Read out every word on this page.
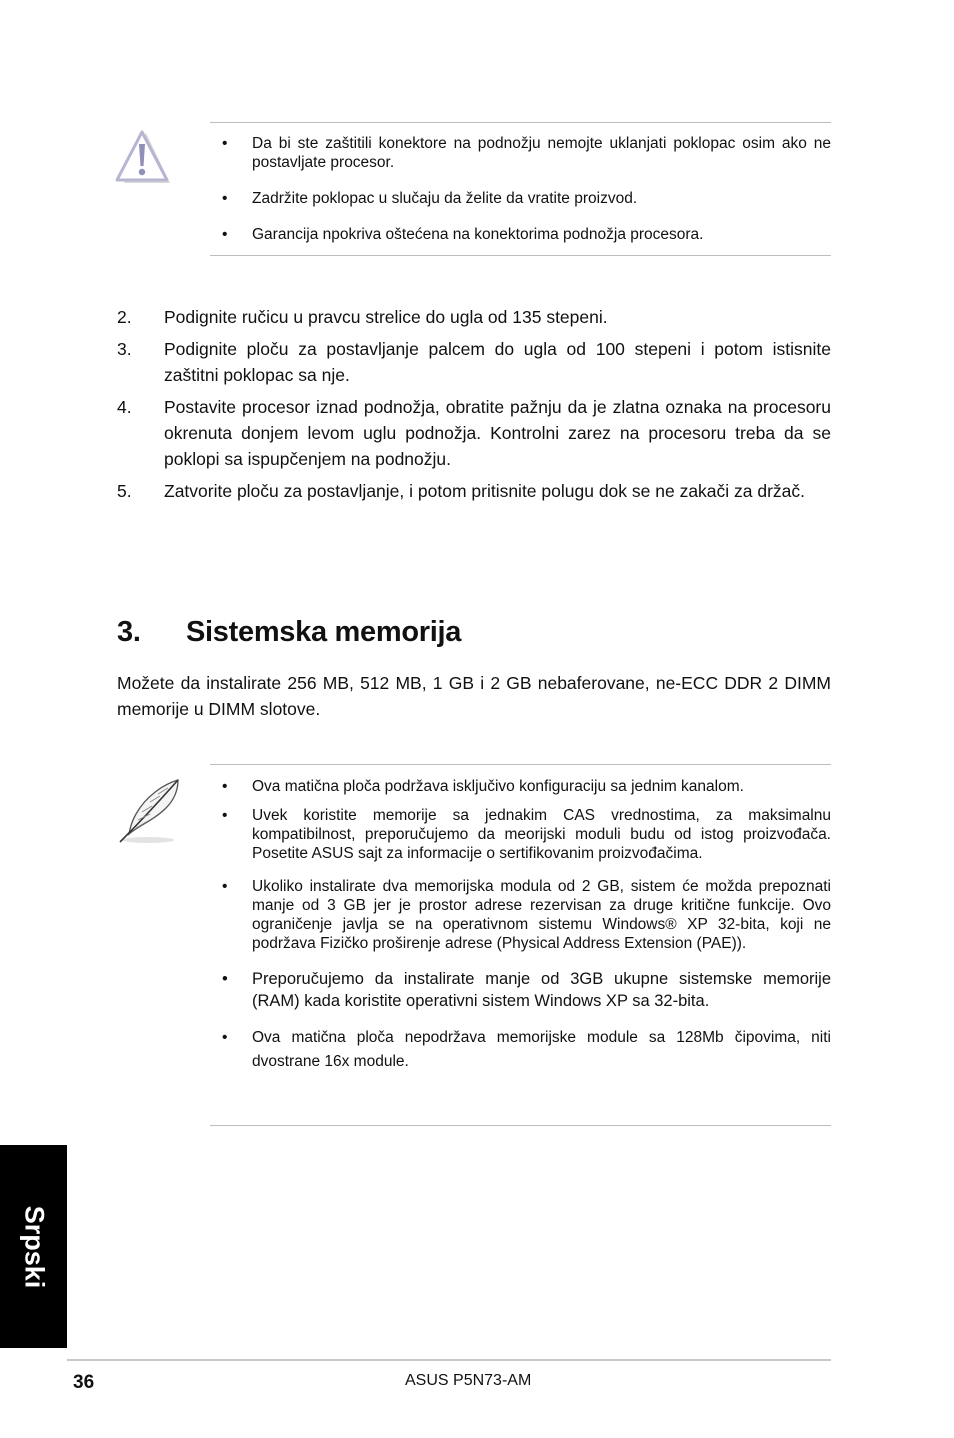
• Da bi ste zaštitili konektore na podnožju nemojte uklanjati poklopac osim ako ne postavljate procesor.
• Zadržite poklopac u slučaju da želite da vratite proizvod.
• Garancija npokriva oštećena na konektorima podnožja procesora.
2. Podignite ručicu u pravcu strelice do ugla od 135 stepeni.
3. Podignite ploču za postavljanje palcem do ugla od 100 stepeni i potom istisnite zaštitni poklopac sa nje.
4. Postavite procesor iznad podnožja, obratite pažnju da je zlatna oznaka na procesoru okrenuta donjem levom uglu podnožja. Kontrolni zarez na procesoru treba da se poklopi sa ispupčenjem na podnožju.
5. Zatvorite ploču za postavljanje, i potom pritisnite polugu dok se ne zakači za držač.
3. Sistemska memorija

Možete da instalirate 256 MB, 512 MB, 1 GB i 2 GB nebaferovane, ne-ECC DDR 2 DIMM memorije u DIMM slotove.

• Ova matična ploča podržava isključivo konfiguraciju sa jednim kanalom.
• Uvek koristite memorije sa jednakim CAS vrednostima, za maksimalnu kompatibilnost, preporučujemo da meorijski moduli budu od istog proizvođača. Posetite ASUS sajt za informacije o sertifikovanim proizvođačima.
• Ukoliko instalirate dva memorijska modula od 2 GB, sistem će možda prepoznati manje od 3 GB jer je prostor adrese rezervisan za druge kritične funkcije. Ovo ograničenje javlja se na operativnom sistemu Windows® XP 32-bita, koji ne podržava Fizičko proširenje adrese (Physical Address Extension (PAE)).
• Preporučujemo da instalirate manje od 3GB ukupne sistemske memorije (RAM) kada koristite operativni sistem Windows XP sa 32-bita.
• Ova matična ploča nepodržava memorijske module sa 128Mb čipovima, niti dvostrane 16x module.
Srpski
36	ASUS P5N73-AM
